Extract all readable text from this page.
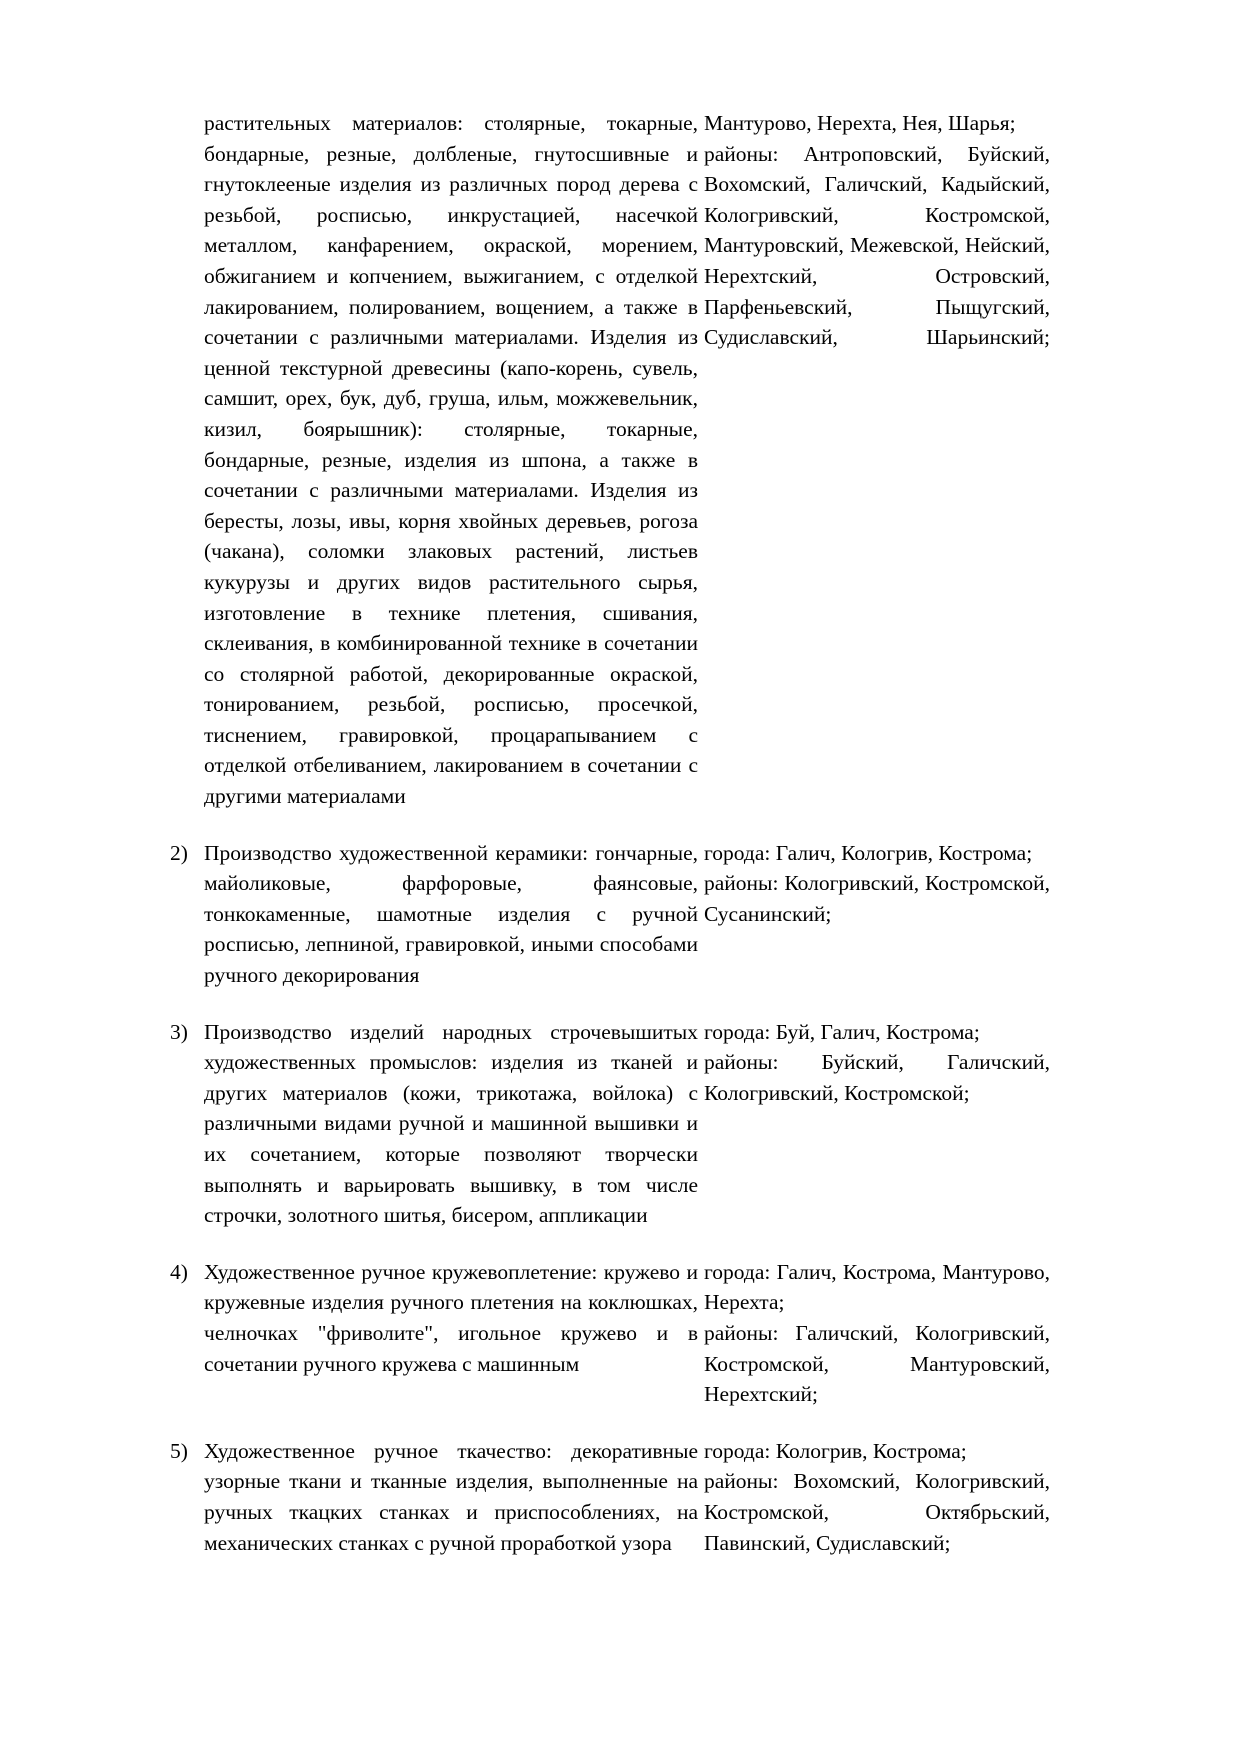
растительных материалов: столярные, токарные, бондарные, резные, долбленые, гнутосшивные и гнутоклееные изделия из различных пород дерева с резьбой, росписью, инкрустацией, насечкой металлом, канфарением, окраской, морением, обжиганием и копчением, выжиганием, с отделкой лакированием, полированием, вощением, а также в сочетании с различными материалами. Изделия из ценной текстурной древесины (капо-корень, сувель, самшит, орех, бук, дуб, груша, ильм, можжевельник, кизил, боярышник): столярные, токарные, бондарные, резные, изделия из шпона, а также в сочетании с различными материалами. Изделия из бересты, лозы, ивы, корня хвойных деревьев, рогоза (чакана), соломки злаковых растений, листьев кукурузы и других видов растительного сырья, изготовление в технике плетения, сшивания, склеивания, в комбинированной технике в сочетании со столярной работой, декорированные окраской, тонированием, резьбой, росписью, просечкой, тиснением, гравировкой, процарапыванием с отделкой отбеливанием, лакированием в сочетании с другими материалами

Мантурово, Нерехта, Нея, Шарья;

районы: Антроповский, Буйский, Вохомский, Галичский, Кадыйский, Кологривский, Костромской, Мантуровский, Межевской, Нейский, Нерехтский, Островский, Парфеньевский, Пыщугский, Судиславский, Шарьинский;

2) Производство художественной керамики: гончарные, майоликовые, фарфоровые, фаянсовые, тонкокаменные, шамотные изделия с ручной росписью, лепниной, гравировкой, иными способами ручного декорирования

города: Галич, Кологрив, Кострома;

районы: Кологривский, Костромской, Сусанинский;

3) Производство изделий народных строчевышитых художественных промыслов: изделия из тканей и других материалов (кожи, трикотажа, войлока) с различными видами ручной и машинной вышивки и их сочетанием, которые позволяют творчески выполнять и варьировать вышивку, в том числе строчки, золотного шитья, бисером, аппликации

города: Буй, Галич, Кострома;

районы: Буйский, Галичский, Кологривский, Костромской;

4) Художественное ручное кружевоплетение: кружево и кружевные изделия ручного плетения на коклюшках, челночках "фриволите", игольное кружево и в сочетании ручного кружева с машинным

города: Галич, Кострома, Мантурово, Нерехта;

районы: Галичский, Кологривский, Костромской, Мантуровский, Нерехтский;

5) Художественное ручное ткачество: декоративные узорные ткани и тканные изделия, выполненные на ручных ткацких станках и приспособлениях, на механических станках с ручной проработкой узора

города: Кологрив, Кострома;

районы: Вохомский, Кологривский, Костромской, Октябрьский, Павинский, Судиславский;
